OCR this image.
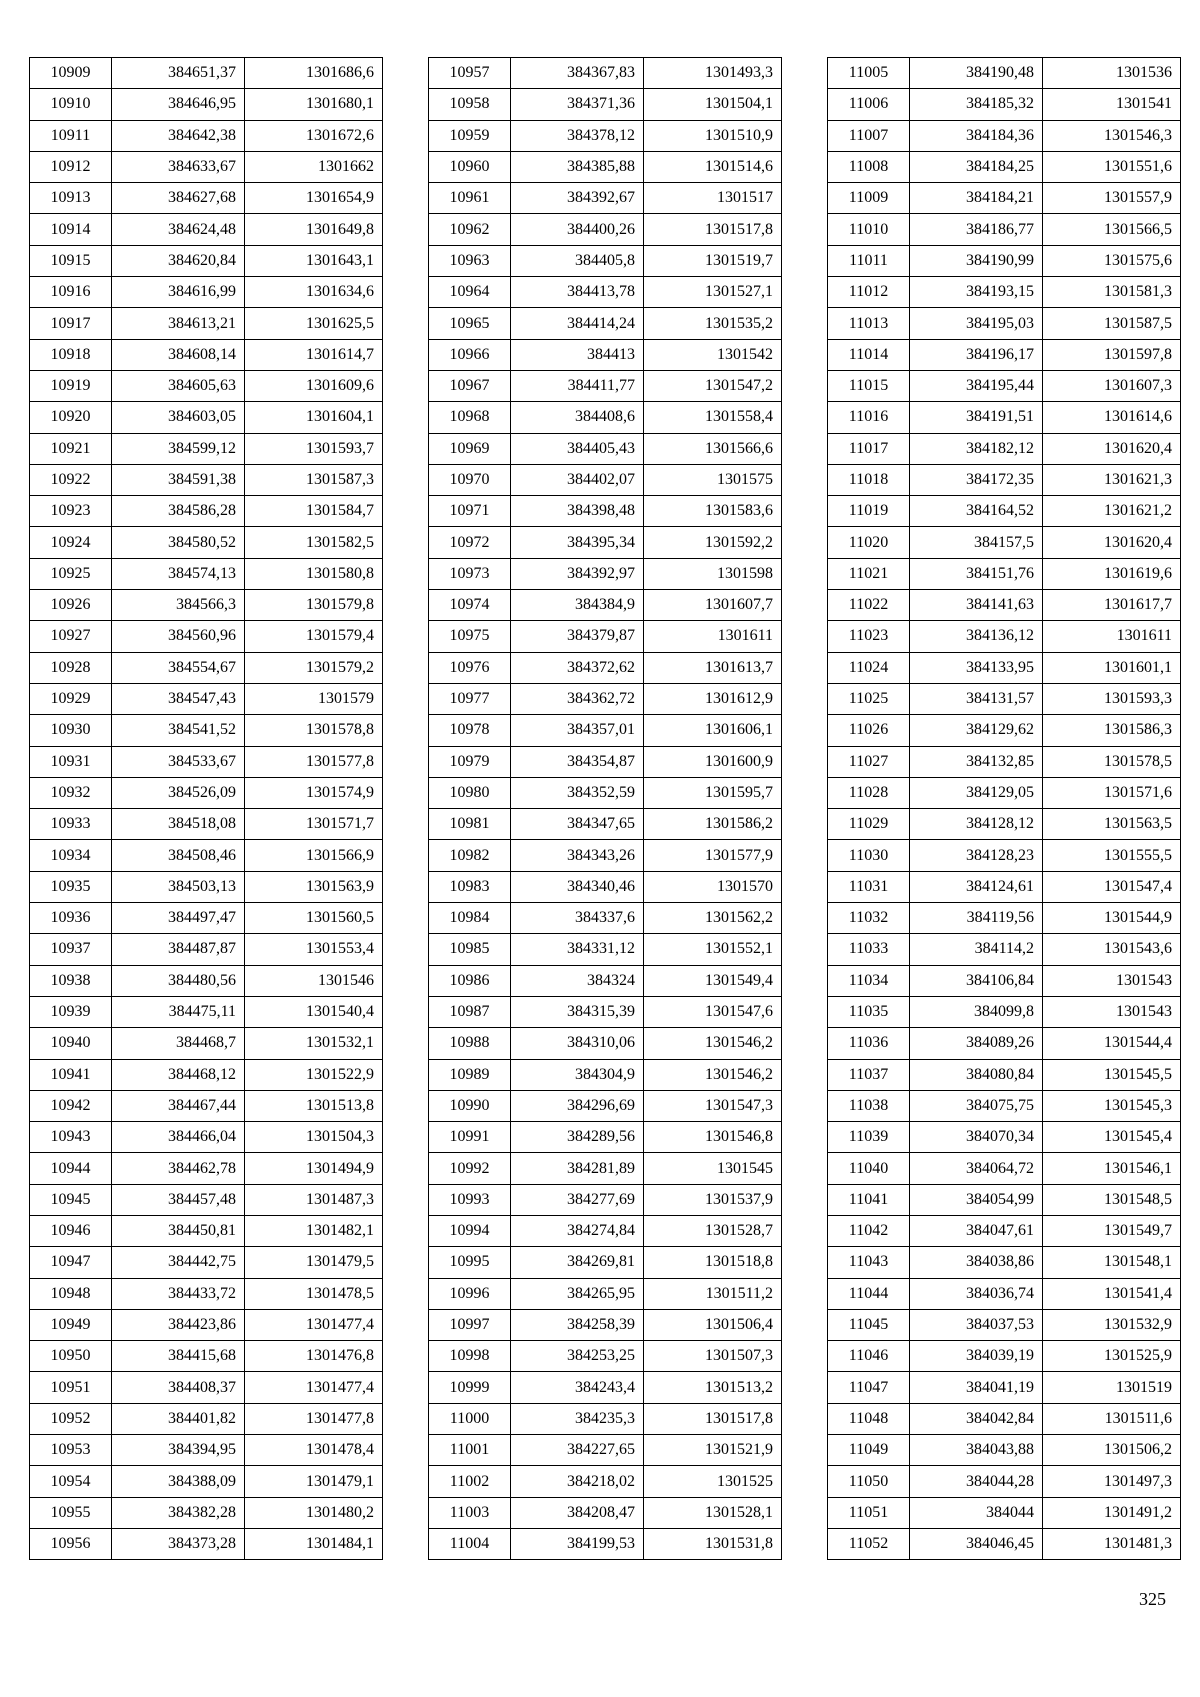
10909	384651,37	1301686,6
10910	384646,95	1301680,1
10911	384642,38	1301672,6
10912	384633,67	1301662
10913	384627,68	1301654,9
10914	384624,48	1301649,8
10915	384620,84	1301643,1
10916	384616,99	1301634,6
10917	384613,21	1301625,5
10918	384608,14	1301614,7
10919	384605,63	1301609,6
10920	384603,05	1301604,1
10921	384599,12	1301593,7
10922	384591,38	1301587,3
10923	384586,28	1301584,7
10924	384580,52	1301582,5
10925	384574,13	1301580,8
10926	384566,3	1301579,8
10927	384560,96	1301579,4
10928	384554,67	1301579,2
10929	384547,43	1301579
10930	384541,52	1301578,8
10931	384533,67	1301577,8
10932	384526,09	1301574,9
10933	384518,08	1301571,7
10934	384508,46	1301566,9
10935	384503,13	1301563,9
10936	384497,47	1301560,5
10937	384487,87	1301553,4
10938	384480,56	1301546
10939	384475,11	1301540,4
10940	384468,7	1301532,1
10941	384468,12	1301522,9
10942	384467,44	1301513,8
10943	384466,04	1301504,3
10944	384462,78	1301494,9
10945	384457,48	1301487,3
10946	384450,81	1301482,1
10947	384442,75	1301479,5
10948	384433,72	1301478,5
10949	384423,86	1301477,4
10950	384415,68	1301476,8
10951	384408,37	1301477,4
10952	384401,82	1301477,8
10953	384394,95	1301478,4
10954	384388,09	1301479,1
10955	384382,28	1301480,2
10956	384373,28	1301484,1
10957	384367,83	1301493,3
10958	384371,36	1301504,1
10959	384378,12	1301510,9
10960	384385,88	1301514,6
10961	384392,67	1301517
10962	384400,26	1301517,8
10963	384405,8	1301519,7
10964	384413,78	1301527,1
10965	384414,24	1301535,2
10966	384413	1301542
10967	384411,77	1301547,2
10968	384408,6	1301558,4
10969	384405,43	1301566,6
10970	384402,07	1301575
10971	384398,48	1301583,6
10972	384395,34	1301592,2
10973	384392,97	1301598
10974	384384,9	1301607,7
10975	384379,87	1301611
10976	384372,62	1301613,7
10977	384362,72	1301612,9
10978	384357,01	1301606,1
10979	384354,87	1301600,9
10980	384352,59	1301595,7
10981	384347,65	1301586,2
10982	384343,26	1301577,9
10983	384340,46	1301570
10984	384337,6	1301562,2
10985	384331,12	1301552,1
10986	384324	1301549,4
10987	384315,39	1301547,6
10988	384310,06	1301546,2
10989	384304,9	1301546,2
10990	384296,69	1301547,3
10991	384289,56	1301546,8
10992	384281,89	1301545
10993	384277,69	1301537,9
10994	384274,84	1301528,7
10995	384269,81	1301518,8
10996	384265,95	1301511,2
10997	384258,39	1301506,4
10998	384253,25	1301507,3
10999	384243,4	1301513,2
11000	384235,3	1301517,8
11001	384227,65	1301521,9
11002	384218,02	1301525
11003	384208,47	1301528,1
11004	384199,53	1301531,8
11005	384190,48	1301536
11006	384185,32	1301541
11007	384184,36	1301546,3
11008	384184,25	1301551,6
11009	384184,21	1301557,9
11010	384186,77	1301566,5
11011	384190,99	1301575,6
11012	384193,15	1301581,3
11013	384195,03	1301587,5
11014	384196,17	1301597,8
11015	384195,44	1301607,3
11016	384191,51	1301614,6
11017	384182,12	1301620,4
11018	384172,35	1301621,3
11019	384164,52	1301621,2
11020	384157,5	1301620,4
11021	384151,76	1301619,6
11022	384141,63	1301617,7
11023	384136,12	1301611
11024	384133,95	1301601,1
11025	384131,57	1301593,3
11026	384129,62	1301586,3
11027	384132,85	1301578,5
11028	384129,05	1301571,6
11029	384128,12	1301563,5
11030	384128,23	1301555,5
11031	384124,61	1301547,4
11032	384119,56	1301544,9
11033	384114,2	1301543,6
11034	384106,84	1301543
11035	384099,8	1301543
11036	384089,26	1301544,4
11037	384080,84	1301545,5
11038	384075,75	1301545,3
11039	384070,34	1301545,4
11040	384064,72	1301546,1
11041	384054,99	1301548,5
11042	384047,61	1301549,7
11043	384038,86	1301548,1
11044	384036,74	1301541,4
11045	384037,53	1301532,9
11046	384039,19	1301525,9
11047	384041,19	1301519
11048	384042,84	1301511,6
11049	384043,88	1301506,2
11050	384044,28	1301497,3
11051	384044	1301491,2
11052	384046,45	1301481,3
325
